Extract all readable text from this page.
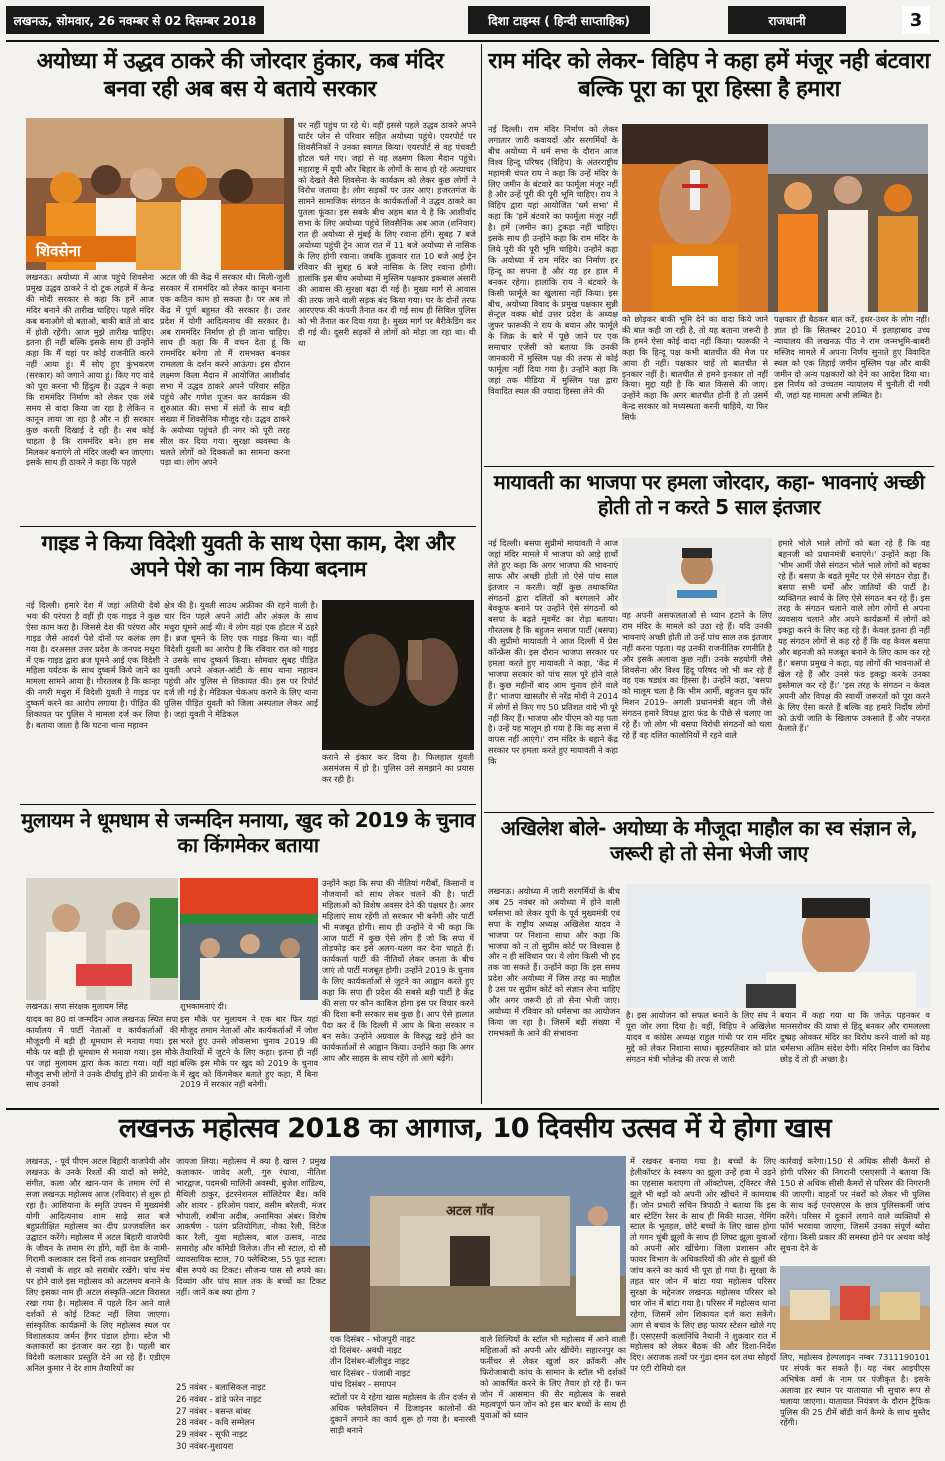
लखनऊ, सोमवार, 26 नवम्बर से 02 दिसम्बर 2018	दिशा टाइम्स ( हिन्दी साप्ताहिक)	राजधानी	3
अयोध्या में उद्धव ठाकरे की जोरदार हुंकार, कब मंदिर बनवा रही अब बस ये बताये सरकार
शिवसेना
लखनऊ। अयोध्या में आज पहुंचे शिवसेना प्रमुख उद्धव ठाकरे ने दो टूक लहजे में केन्द्र की मोदी सरकार से कहा कि हमें आज मंदिर बनाने की तारीख चाहिए। पहले मंदिर कब बनाओगे वो बताओ, बाकी बातें तो बाद में होती रहेंगी। आज मुझे तारीख चाहिए। इतना ही नहीं बल्कि इसके साथ ही उन्होंने कहा कि मैं यहां पर कोई राजनीति करने नहीं आया हूं। मैं सोए हुए कुंभकरण (सरकार) को जगाने आया हूं। किए गए वादे को पूरा करना भी हिंदुत्व है। उद्धव ने कहा कि राममंदिर निर्माण को लेकर एक लंबे समय से वादा किया जा रहा है लेकिन न कानून लाया जा रहा है और न ही सरकार कुछ करती दिखाई दे रही है। सब कोई चाहता है कि राममंदिर बने। हम सब मिलकर बनाएंगे तो मंदिर जल्दी बन जाएगा। इसके साथ ही ठाकरे ने कहा कि पहले
अटल जी की केंद्र में सरकार थी। मिली-जुली सरकार में राममंदिर को लेकर कानून बनाना एक कठिन काम हो सकता है। पर अब तो केंद्र में पूर्ण बहुमत की सरकार है। उत्तर प्रदेश में योगी आदित्यनाथ की सरकार है। अब राममंदिर निर्माण हो ही जाना चाहिए। साथ ही कहा कि मैं वचन देता हूं कि राममंदिर बनेगा तो मैं रामभक्त बनकर रामलला के दर्शन करने आऊंगा। इस दौरान लक्ष्मण किला मैदान में आयोजित आशीर्वाद सभा में उद्धव ठाकरे अपने परिवार सहित पहुंचे और गणेश पूजन कर कार्यक्रम की शुरुआत की। सभा में संतों के साथ बड़ी संख्या में शिवसैनिक मौजूद रहे। उद्धव ठाकरे के अयोध्या पहुंचते ही नगर को पूरी तरह सील कर दिया गया। सुरक्षा व्यवस्था के चलते लोगों को दिक्कतों का सामना करना पड़ा था। लोग अपने
घर नहीं पहुंच पा रहे थे। वहीं इससे पहले उद्धव ठाकरे अपने चार्टर प्लेन से परिवार सहित अयोध्या पहुंचे। एयरपोर्ट पर शिवसैनिकों ने उनका स्वागत किया। एयरपोर्ट से वह पंचवटी होटल चले गए। जहां से वह लक्ष्मण किला मैदान पहुंचे। महाराष्ट्र में यूपी और बिहार के लोगों के साथ हो रहे अत्याचार को देखते वैसे शिवसेना के कार्यक्रम को लेकर कुछ लोगों ने विरोध जताया है। लोग सड़कों पर उतर आए। हजरतगंज के सामने सामाजिक संगठन के कार्यकर्ताओं ने उद्धव ठाकरे का पुतला फूंका। इस सबके बीच अहम बात ये है कि आशीर्वाद सभा के लिए अयोध्या पहुंचे शिवसैनिक अब आज (शनिवार) रात ही अयोध्या से मुंबई के लिए रवाना होंगे। सुबह 7 बजे अयोध्या पहुंची ट्रेन आज रात में 11 बजे अयोध्या से नासिक के लिए होगी रवाना। जबकि शुक्रवार रात 10 बजे आई ट्रेन रविवार की सुबह 6 बजे नासिक के लिए रवाना होगी। हालांकि इस बीच अयोध्या में मुस्लिम पक्षकार इकबाल अंसारी की आवास की सुरक्षा बढ़ा दी गई है। मुख्य मार्ग से आवास की तरफ जाने वाली सड़क बंद किया गया। घर के दोनों तरफ आरएएफ की कंपनी तैनात कर दी गई साथ ही सिविल पुलिस को भी तैनात कर दिया गया है। मुख्य मार्ग पर बैरीकेडिंग कर दी गई थी। दूसरी सड़कों से लोगों को मोड़ा जा रहा था। थी था
राम मंदिर को लेकर- विहिप ने कहा हमें मंजूर नही बंटवारा बल्कि पूरा का पूरा हिस्सा है हमारा
नई दिल्ली। राम मंदिर निर्माण को लेकर लगातार जारी कवायदों और सरगर्मियों के बीच अयोध्या में धर्म सभा के दौरान आज विश्व हिन्दू परिषद (विहिप) के अंतरराष्ट्रीय महामंत्री चंपत राय ने कहा कि उन्हें मंदिर के लिए जमीन के बंटवारे का फार्मूला मंजूर नहीं है और उन्हें पूरी की पूरी भूमि चाहिए। राय ने विहिप द्वारा यहां आयोजित 'धर्म सभा' में कहा कि 'हमें बंटवारे का फार्मूला मंजूर नहीं है। हमें (जमीन का) टुकड़ा नहीं चाहिए। इसके साथ ही उन्होंने कहा कि राम मंदिर के लिये पूरी की पूरी भूमि चाहिये। उन्होंने कहा कि अयोध्या में राम मंदिर का निर्माण हर हिन्दू का सपना है और यह हर हाल में बनकर रहेगा। हालांकि राय ने बंटवारे के किसी फार्मूले का खुलासा नहीं किया। इस बीच, अयोध्या विवाद के प्रमुख पक्षकार सुन्नी सेन्ट्रल वक्फ बोर्ड उत्तर प्रदेश के अध्यक्ष जुफर फारूकी ने राय के बयान और फार्मूले के जिक्र के बारे में पूछे जाने पर एक समाचार एजेंसी को बताया कि उनकी जानकारी में मुस्लिम पक्ष की तरफ से कोई फार्मूला नहीं दिया गया है। उन्होंने कहा कि जहां तक मीडिया में मुस्लिम पक्ष द्वारा विवादित स्थल की ज्यादा हिस्सा लेने की
को छोड़कर बाकी भूमि देने का वादा किये जाने की बात कही जा रही है, तो यह बताना जरूरी है कि हमने ऐसा कोई वादा नहीं किया। फारूकी ने कहा कि हिन्दू पक्ष कभी बातचीत की मेज पर आया ही नहीं। पक्षकार चाहें तो बातचीत से इनकार नहीं है। बातचीत से हमने इनकार तो नहीं किया। मुद्दा यही है कि बात किससे की जाए। उन्होंने कहा कि अगर बातचीत होनी है तो उसमें केन्द्र सरकार को मध्यस्थता करनी चाहिये, या फिर सिर्फ
पक्षकार ही बैठकर बात करें, इधर-उधर के लोग नहीं। ज्ञात हो कि सितम्बर 2010 में इलाहाबाद उच्च न्यायालय की लखनऊ पीठ ने राम जन्मभूमि-बाबरी मस्जिद मामले में अपना निर्णय सुनाते हुए विवादित स्थल को एक तिहाई जमीन मुस्लिम पक्ष और बाकी जमीन दो अन्य पक्षकारों को देने का आदेश दिया था। इस निर्णय को उच्चतम न्यायालय में चुनौती दी गयी थी, जहां यह मामला अभी लम्बित है।
मायावती का भाजपा पर हमला जोरदार, कहा- भावनाएं अच्छी होती तो न करते 5 साल इंतजार
नई दिल्ली। बसपा सुप्रीमो मायावती ने आज जहां मंदिर मामले में भाजपा को आड़े हाथों लेते हुए कहा कि अगर भाजपा की भावनाएं साफ और अच्छी होती तो ऐसे पांच साल इंतजार न करती। वहीं कुछ तथाकथित संगठनों द्वारा दलितों को बरगलाने और बेवकूफ बनाने पर उन्होंने ऐसे संगठनों को बसपा के बढ़ते मूवमेंट का रोड़ा बताया। गौरतलब है कि बहुजन समाज पार्टी (बसपा) की सुप्रीमो मायावती ने आज दिल्ली में प्रेस कॉन्फ्रेंस की। इस दौरान भाजपा सरकार पर हमला करते हुए मायावती ने कहा, 'केंद्र में भाजपा सरकार को पांच साल पूरे होने वाले हैं। कुछ महीनों बाद आम चुनाव होने वाले हैं।' भाजपा खासतौर से नरेंद्र मोदी ने 2014 में लोगों से किए गए 50 प्रतिशत वादे भी पूरे नहीं किए हैं। भाजपा और पीएम को यह पता है। उन्हें यह मालूम हो गया है कि वह सत्ता में वापस नहीं आएंगे।' राम मंदिर के बहाने केंद्र सरकार पर हमला करते हुए मायावती ने कहा कि
वह अपनी असफलताओं से ध्यान हटाने के लिए राम मंदिर के मामले को उठा रहे हैं। यदि उनकी भावनाएं अच्छी होती तो उन्हें पांच साल तक इंतजार नहीं करना पड़ता। यह उनकी राजनीतिक रणनीति है और इसके अलावा कुछ नहीं। उनके सहयोगी जैसे शिवसेना और विश्व हिंदू परिषद जो भी कर रहे हैं वह एक षड्यंत्र का हिस्सा है। उन्होंने कहा, 'बसपा को मालूम चला है कि भीम आर्मी, बहुजन यूथ फॉर मिशन 2019- अगली प्रधानमंत्री बहन जी जैसे संगठन हमारे विपक्ष द्वारा फंड के पीछे से चलाए जा रहे हैं। जो लोग भी बसपा विरोधी संगठनों को चला रहे हैं वह दलित कालोनियों में रहने वाले
हमारे भोले भाले लोगों को बता रहे हैं कि वह बहनजी को प्रधानमंत्री बनाएंगे।' उन्होंने कहा कि 'भीम आर्मी जैसे संगठन भोले भाले लोगों को बहका रहे हैं। बसपा के बढ़ते मूमेंट पर ऐसे संगठन रोड़ा हैं। बसपा सभी धर्मों और जातियों की पार्टी है। व्यक्तिगत स्वार्थ के लिए ऐसे संगठन बन रहे हैं। इस तरह के संगठन चलाने वाले लोग लोगों से अपना व्यवसाय चलाने और अपने कार्यक्रमों में लोगों को इकट्ठा करने के लिए कह रहे हैं। केवल इतना ही नहीं यह संगठन लोगों से कह रहे हैं कि वह केवल बसपा और बहनजी को मजबूत बनाने के लिए काम कर रहे हैं।' बसपा प्रमुख ने कहा, यह लोगों की भावनाओं से खेल रहे हैं और उनसे फंड इकट्ठा करके उनका इस्तेमाल कर रहे हैं।' 'इस तरह के संगठन न केवल अपनी और विपक्ष की स्वार्थी जरूरतों को पूरा करने के लिए ऐसा करते हैं बल्कि वह हमारे निर्दोष लोगों को ऊंची जाति के खिलाफ उकसाते हैं और नफरत फैलाते हैं।'
गाइड ने किया विदेशी युवती के साथ ऐसा काम, देश और अपने पेशे का नाम किया बदनाम
नई दिल्ली। हमारे देश में जहां अतिथी देवो भवः की परंपरा है वहीं ही एक गाइड ने कुछ ऐसा काम करा है। जिससे देश की परंपरा और गाइड जैसे आदर्श पेशे दोनों पर कलंक लग गया है। दरअसल उत्तर प्रदेश के जनपद मथुरा में एक गाइड द्वारा ब्रज घूमने आई एक विदेशी महिला पर्यटक के साथ दुष्कर्म किये जाने का मामला सामने आया है। गौरतलब है कि कान्हा की नगरी मथुरा में विदेशी युवती ने गाइड पर दुष्कर्म करने का आरोप लगाया है। पीड़ित की शिकायत पर पुलिस ने मामला दर्ज कर लिया है। बताया जाता है कि घटना थाना महावन
क्षेत्र की है। युवती साउथ अफ्रीका की रहने वाली है। चार दिन पहले अपने आंटी और अंकल के साथ मथुरा घूमने आई थी। वे लोग यहां एक होटल में ठहरे हैं। ब्रज घूमने के लिए एक गाइड किया था। वहीं विदेशी युवती का आरोप है कि रविवार रात को गाइड ने उसके साथ दुष्कर्म किया। सोमवार सुबह पीड़ित युवती अपने अंकल-आंटी के साथ थाना महावन पहुंची और पुलिस से शिकायत की। इस पर रिपोर्ट दर्ज ली गई है। मेडिकल चेकअप कराने के लिए थाना पुलिस पीड़ित युवती को जिला अस्पताल लेकर आई है। जहां युवती ने मेडिकल
कराने से इंकार कर दिया है। फिलहाल युवती असमंजस में हो है। पुलिस उसे समझाने का प्रयास कर रही है।
मुलायम ने धूमधाम से जन्मदिन मनाया, खुद को 2019 के चुनाव का किंगमेकर बताया
लखनऊ। सपा संरक्षक मुलायम सिंह	शुभकामनाएं दी।
यादव का 80 वां जन्मदिन आज लखनऊ स्थित सपा कार्यालय में पार्टी नेताओं व कार्यकर्ताओं की मौजूदगी में बड़ी ही धूमधाम से मनाया गया। इस मौके पर बड़ी ही धूमधाम से मनाया गया। इस मौके पर जहां मुलायम द्वारा केक काटा गया। वहीं वहां मौजूद सभी लोगों ने उनके दीर्घायु होने की प्रार्थना के साथ उनको
इस मौके पर मुलायम ने एक बार फिर यहां मौजूद तमाम नेताओं और कार्यकर्ताओं में जोश भरते हुए उनसे लोकसभा चुनाव 2019 की तैयारियों में जुटने के लिए कहा। इतना ही नहीं बल्कि इस मौके पर खुद को 2019 के चुनाव में खुद को किंगमेकर बताते हुए कहा, मैं बिना 2019 में सरकार नहीं बनेगी।
उन्होंने कहा कि सपा की नीतियां गरीबों, किसानों व नौजवानों को साथ लेकर चलने की है। पार्टी महिलाओं को विशेष अवसर देने की पक्षधर है। अगर महिलाएं साथ रहेंगी तो सरकार भी बनेगी और पार्टी भी मजबूत होगी। साथ ही उन्होंने ये भी कहा कि आज पार्टी में कुछ ऐसे लोग हैं जो कि सपा में तोड़फोड़ कर इसे अलग-थलग कर देना चाहते हैं। कार्यकर्ता पार्टी की नीतियों लेकर जनता के बीच जाएं तो पार्टी मजबूत होगी। उन्होंने 2019 के चुनाव के लिए कार्यकर्ताओं से जुटने का आह्वान करते हुए कहा कि सपा ही प्रदेश की सबसे बड़ी पार्टी है केंद्र की सत्ता पर कौन काबिज होगा इस पर विचार करने की दिशा बनी सरकार सब कुछ है। आप ऐसे हालात पैदा कर दें कि दिल्ली में आप के बिना सरकार न बन सके। उन्होंने अग्रवाल के विरुद्ध खड़े होने का कार्यकर्ताओं से आह्वान किया। उन्होंने कहा कि अगर आप और साहस के साथ रहेंगे तो आगे बढ़ेंगे।
अखिलेश बोले- अयोध्या के मौजूदा माहौल का स्व संज्ञान ले, जरूरी हो तो सेना भेजी जाए
लखनऊ। अयोध्या में जारी सरगर्मियों के बीच अब 25 नवंबर को अयोध्या में होने वाली धर्मसभा को लेकर यूपी के पूर्व मुख्यमंत्री एवं सपा के राष्ट्रीय अध्यक्ष अखिलेश यादव ने भाजपा पर निशाना साधा और कहा कि भाजपा को न तो सुप्रीम कोर्ट पर विश्वास है और न ही संविधान पर। ये लोग किसी भी हद तक जा सकते हैं। उन्होंने कहा कि इस समय प्रदेश और अयोध्या में जिस तरह का माहौल है उस पर सुप्रीम कोर्ट को संज्ञान लेना चाहिए और अगर जरूरी हो तो सेना भेजी जाए। अयोध्या में रविवार को धर्मसभा का आयोजन किया जा रहा है। जिसमें बड़ी संख्या में रामभक्तों के आने की संभावना
है। इस आयोजन को सफल बनाने के लिए संघ ने पूरा जोर लगा दिया है। वहीं, विहिप ने अखिलेश यादव व कांग्रेस अध्यक्ष राहुल गांधी पर राम मंदिर मुद्दे को लेकर निशाना साधा। बृहस्पतिवार को प्रांत संगठन मंत्री भोलेन्द्र की तरफ से जारी
बयान में कहा गया था कि जनेऊ पहनकर व मानसरोवर की यात्रा से हिंदू बनकर और रामलल्ला दुष्प्रह ओवकर मंदिर का विरोध करने वालों को यह धर्मसभा अंतिम संदेश देगी। मंदिर निर्माण का विरोध छोड़ दें तो ही अच्छा है।
लखनऊ महोत्सव 2018 का आगाज, 10 दिवसीय उत्सव में ये होगा खास
लखनऊ, - पूर्व पीएम अटल बिहारी वाजपेयी और लखनऊ के उनके रिश्तों की यादों को समेटे, संगीत, कला और खान-पान के तमाम रंगों से सजा लखनऊ महोत्सव आज (रविवार) से शुरू हो रहा है। आशियाना के स्मृति उपवन में मुख्यमंत्री योगी आदित्यनाथ शाम साढ़े सात बजे बहुप्रतीक्षित महोत्सव का दीप प्रज्जवलित कर उद्घाटन करेंगे। महोत्सव में अटल बिहारी वाजपेयी के जीवन के तमाम रंग होंगे, वहीं देश के नामी-गिरामी कलाकार दस दिनों तक शानदार प्रस्तुतियों से नवाबों के शहर को सराबोर रखेंगे। चांच मंच पर होने वाले इस महोत्सव को अटलमय बनाने के लिए इसका नाम ही अटल संस्कृति-अटल विरासत रखा गया है। महोत्सव में पहले दिन आने वाले दर्शकों से कोई टिकट नहीं लिया जाएगा। सांस्कृतिक कार्यक्रमों के लिए महोत्सव स्थल पर विशालकाय जर्मन हैंगर पंडाल होगा। स्टेज भी कलाकारों का इंतजार कर रहा है। पहली बार विदेशी कलाकार प्रस्तुति देने आ रहे हैं। एडीएम अनिल कुमार ने देर शाम तैयारियों का
जायजा लिया। महोत्सव में क्या है खास ? प्रमुख कलाकार- जावेद अली, गुरु रंधावा, नीतिश भारद्वाज, पदमश्री मालिनी अवस्थी, बुजेश शांडिल्य, मैथिली ठाकुर, इंटरनेशनल सॉलिटेयर बैंड। कवि और शायर - हरिओम पवार, वसीम बरेलवी, मंजर भोपाली, शबीना अदीब, अनामिका अंबर। विशेष आकर्षण - पतंग प्रतियोगिता, नौका रैली, विंटेज कार रैली, युवा महोत्सव, बाल उत्सव, नाट्य समारोह और कॉमेडी विलेज। तीन सौ स्टाल, दो सौ व्यावसायिक स्टाल, 70 फ्लेक्टिव्स, 55 फूड स्टाल। बीस रुपये का टिकट। सौजन्य पास सौ रुपये का। दिव्यांग और पांच साल तक के बच्चों का टिकट नहीं। जानें कब क्या होगा ?
25 नवंबर - बलासिकल नाइट
26 नवंबर - डांडे फरेन नाइट
27 नवंबर - बसन्त बांबर
28 नवंबर - कवि सम्मेलन
29 नवंबर - सूफी नाइट
30 नवंबर-मुशायरा
अटल गाँव
एक दिसंबर - भोजपुरी नाइट
दो दिसंबर- अवधी नाइट
तीन दिसंबर-बॉलीवुड नाइट
चार दिसंबर - पंजाबी नाइट
पांच दिसंबर - समापन
स्टॉलों पर ये रहेगा खास महोत्सव के तीन दर्जन से अधिक फ्लेवलियन में डिजाइनर कालोनों की दुकानें लगाने का कार्य शुरू हो गया है। बनारसी साड़ी बनाने
वाले शिल्पियों के स्टॉल भी महोत्सव में आने वाली महिलाओं को अपनी ओर खींचेंगे। सहारनपुर का फर्नीचर से लेकर खुर्जा कर क्रॉकरी और फिरोजाबादी कांच के सामान के स्टॉल भी दर्शकों को आकर्षित करने के लिए तैयार हो रहे हैं। फन जोन में आसमान की सैर महोत्सव के सबसे महत्वपूर्ण फन जोन को इस बार बच्चों के साथ ही युवाओं को ध्यान
में रखकर बनाया गया है। बच्चों के लिए हेलीकॉप्टर के स्वरूप का झूला उन्हें हवा में उड़ने का एहसास कराएगा तो ऑक्टोपस, ट्विस्टर जैसे झूले भी बड़ों को अपनी ओर खींचने में कामयाब हैं। जोन प्रभारी सचिन त्रिपाठी ने बताया कि इस बार स्टेटिंग रेसर के साथ ही मिकी माउस, गेमिंग स्टाल के भूतहल, छोटे बच्चों के लिए खास होगा तो गगन चूंबी झूलों के साथ ही लिफ्ट झूला युवाओं को अपनी ओर खींचेगा। जिला प्रशासन और फायर विभाग के अधिकारियों की ओर से झूलों की जांच करने का कार्य भी पूरा हो गया है। सुरक्षा के तहत चार जोन में बांटा गया महोत्सव परिसर सुरक्षा के मद्देनजर लखनऊ महोत्सव परिसर को चार जोन में बांटा गया है। परिसर में महोत्सव थाना रहेगा, जिसमें लोग शिकायत दर्ज करा सकेंगे। आग से बचाव के लिए छह फायर स्टेशन खोले गए हैं। एसएसपी कलानिधि नैथानी ने शुक्रवार रात में महोत्सव को लेकर बैठक की और दिशा-निर्देश दिए। अराजक तत्वों पर गुंडा दमन दल तथा सोहदों पर एंटी रोमियो दल
कार्रवाई करेगा।150 से अधिक सीसी कैमरों से होगी परिसर की निगरानी एसएसपी ने बताया कि 150 से अधिक सीसी कैमरों से परिसर की निगरानी की जाएगी। वाहनों पर नंबरों को लेकर भी पुलिस के साथ कई एनएसएस के छात्र पुलिसकर्मी जांच करेंगे। परिसर में दुकानें लगाने वाले व्यक्तियों से फॉर्म भरवाया जाएगा, जिसमें उनका संपूर्ण ब्योरा रहेगा। किसी प्रकार की समस्या होने पर अथवा कोई सूचना देने के
लिए, महोत्सव हेल्पलाइन नम्बर 7311190101 पर संपर्क कर सकते हैं। यह नंबर आइपीएस अभिषेक वर्मा के नाम पर पंजीकृत है। इसके अलावा हर स्थान पर यातायात भी सुचारु रूप से चलाया जाएगा। यातायात नियंत्रण के दौरान ट्रैफिक पुलिस की 25 टीमें बॉडी वार्न कैमरे के साथ मुस्तैद रहेंगी।
